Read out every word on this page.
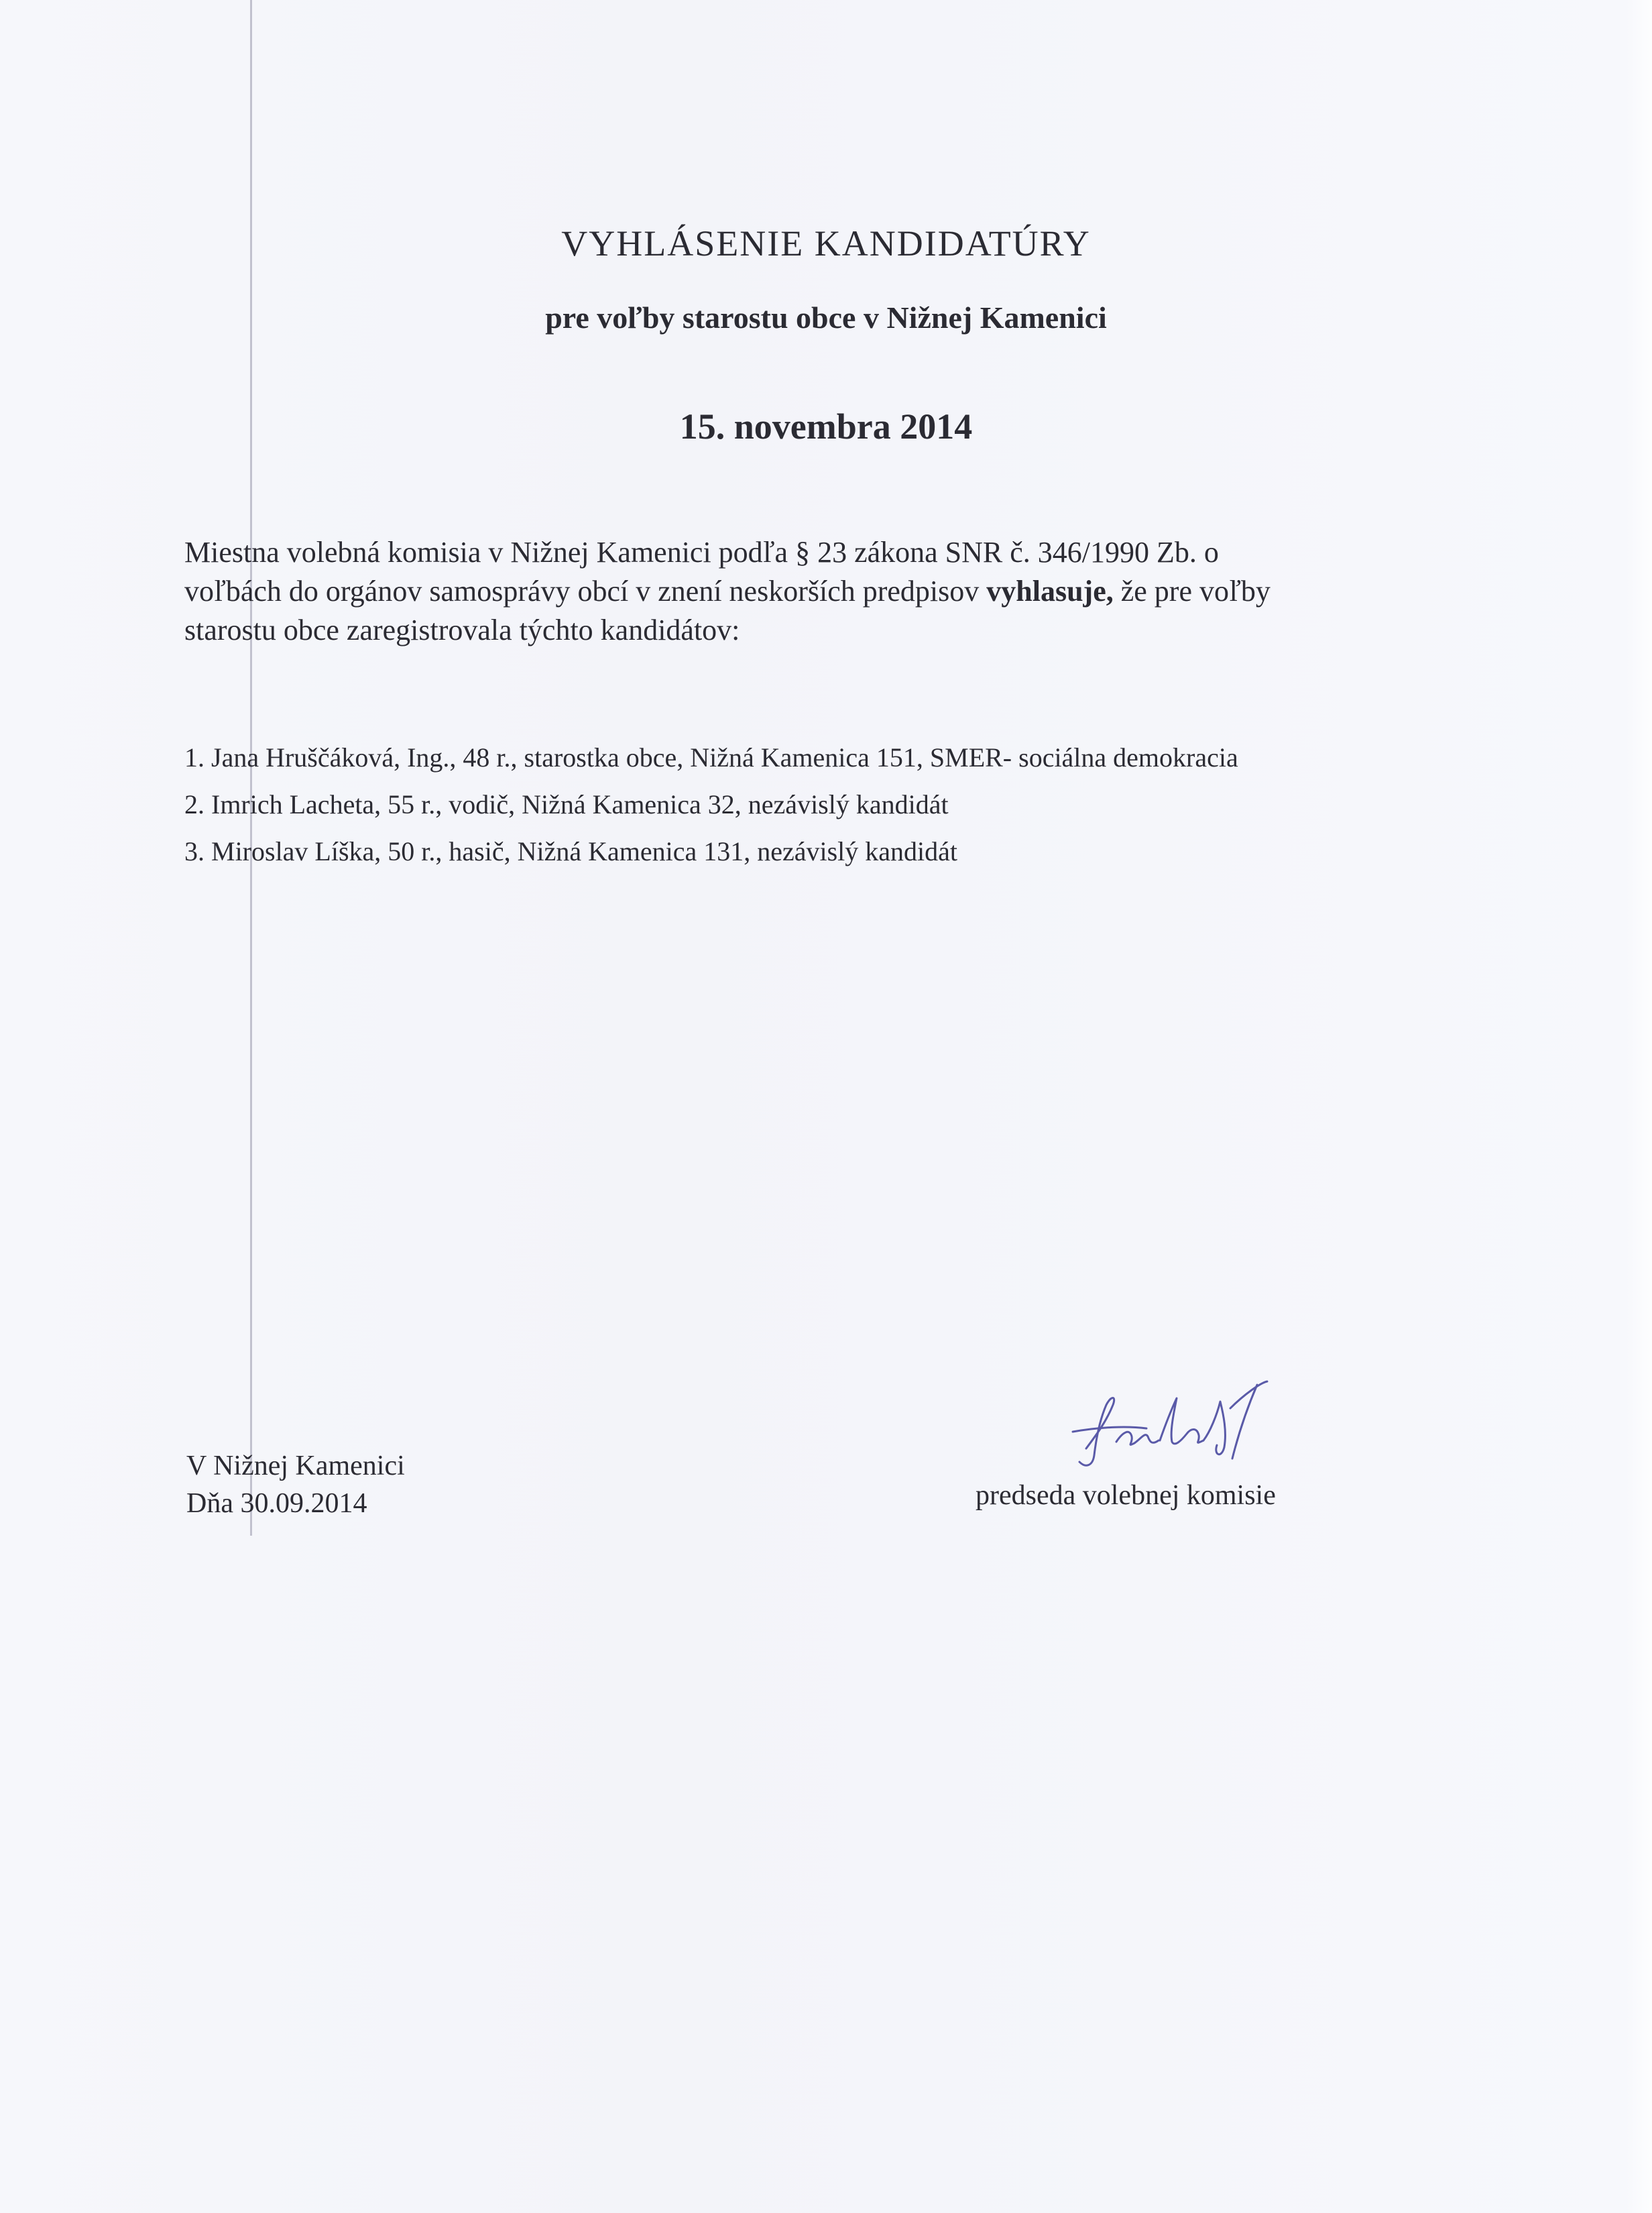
VYHLÁSENIE KANDIDATÚRY

pre voľby starostu obce v Nižnej Kamenici

15. novembra 2014

Miestna volebná komisia v Nižnej Kamenici podľa § 23 zákona SNR č. 346/1990 Zb. o
voľbách do orgánov samosprávy obcí v znení neskorších predpisov vyhlasuje, že pre voľby
starostu obce zaregistrovala týchto kandidátov:

1. Jana Hruščáková, Ing., 48 r., starostka obce, Nižná Kamenica 151, SMER- sociálna demokracia
2. Imrich Lacheta, 55 r., vodič, Nižná Kamenica 32, nezávislý kandidát
3. Miroslav Líška, 50 r., hasič, Nižná Kamenica 131, nezávislý kandidát
V Nižnej Kamenici
Dňa 30.09.2014	predseda volebnej komisie
